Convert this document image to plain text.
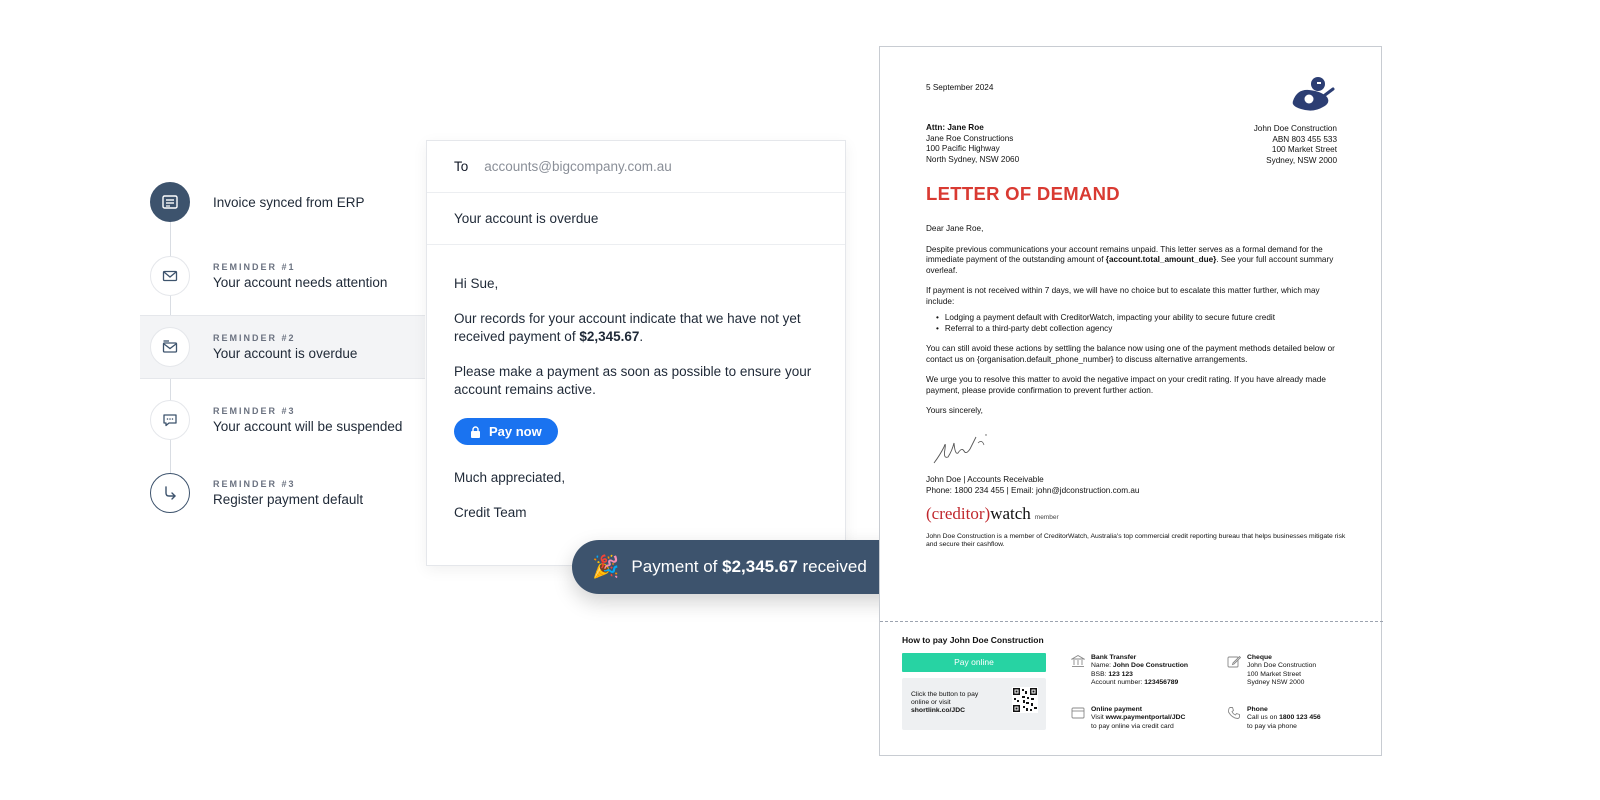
Invoice synced from ERP
REMINDER #1
Your account needs attention
REMINDER #2
Your account is overdue
REMINDER #3
Your account will be suspended
REMINDER #3
Register payment default
To accounts@bigcompany.com.au
Your account is overdue

Hi Sue,

Our records for your account indicate that we have not yet received payment of $2,345.67.

Please make a payment as soon as possible to ensure your account remains active.

Pay now

Much appreciated,

Credit Team

🎉 Payment of
$2,345.67
received
5 September 2024
Attn: Jane Roe
Jane Roe Constructions
100 Pacific Highway
North Sydney, NSW 2060
John Doe Construction
ABN 803 455 533
100 Market Street
Sydney, NSW 2000
LETTER OF DEMAND

Dear Jane Roe,

Despite previous communications your account remains unpaid. This letter serves as a formal demand for the immediate payment of the outstanding amount of {account.total_amount_due}. See your full account summary overleaf.

If payment is not received within 7 days, we will have no choice but to escalate this matter further, which may include:

• Lodging a payment default with CreditorWatch, impacting your ability to secure future credit
• Referral to a third-party debt collection agency

You can still avoid these actions by settling the balance now using one of the payment methods detailed below or contact us on {organisation.default_phone_number} to discuss alternative arrangements.

We urge you to resolve this matter to avoid the negative impact on your credit rating. If you have already made payment, please provide confirmation to prevent further action.

Yours sincerely,

John Doe | Accounts Receivable
Phone: 1800 234 455 | Email: john@jdconstruction.com.au
(creditor)watch member
John Doe Construction is a member of CreditorWatch, Australia's top commercial credit reporting bureau that helps businesses mitigate risk and secure their cashflow.
How to pay John Doe Construction
Pay online
Click the button to pay
online or visit
shortlink.co/JDC
Bank Transfer
Name: John Doe Construction
BSB: 123 123
Account number: 123456789
Cheque
John Doe Construction
100 Market Street
Sydney NSW 2000
Online payment
Visit www.paymentportal/JDC
to pay online via credit card
Phone
Call us on 1800 123 456
to pay via phone
